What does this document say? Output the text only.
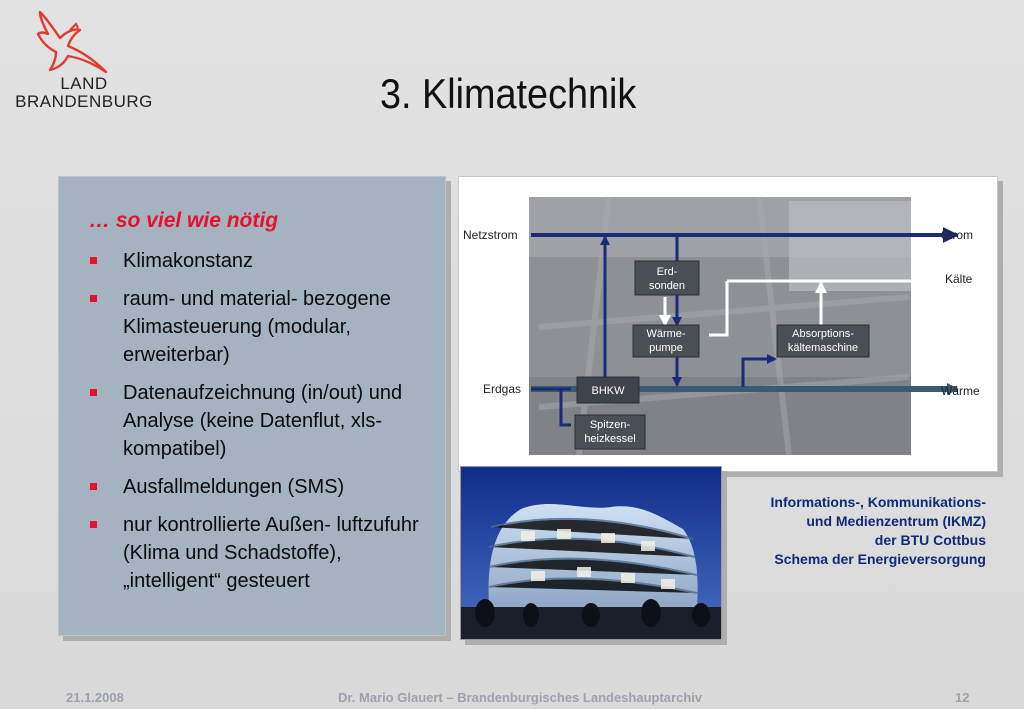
LAND
BRANDENBURG	3. Klimatechnik
… so viel wie nötig
Klimakonstanz
raum- und material- bezogene Klimasteuerung (modular, erweiterbar)
Datenaufzeichnung (in/out) und Analyse (keine Datenflut, xls-kompatibel)
Ausfallmeldungen (SMS)
nur kontrollierte Außen- luftzufuhr (Klima und Schadstoffe), „intelligent“ gesteuert
Erd-
sonden
Wärme-
pumpe
Absorptions-
kältemaschine
BHKW
Spitzen-
heizkessel
Netzstrom
Erdgas
Strom
Kälte
Wärme
Informations-, Kommunikations-
und Medienzentrum (IKMZ)
der BTU Cottbus
Schema der Energieversorgung
21.1.2008	Dr. Mario Glauert – Brandenburgisches Landeshauptarchiv	12
